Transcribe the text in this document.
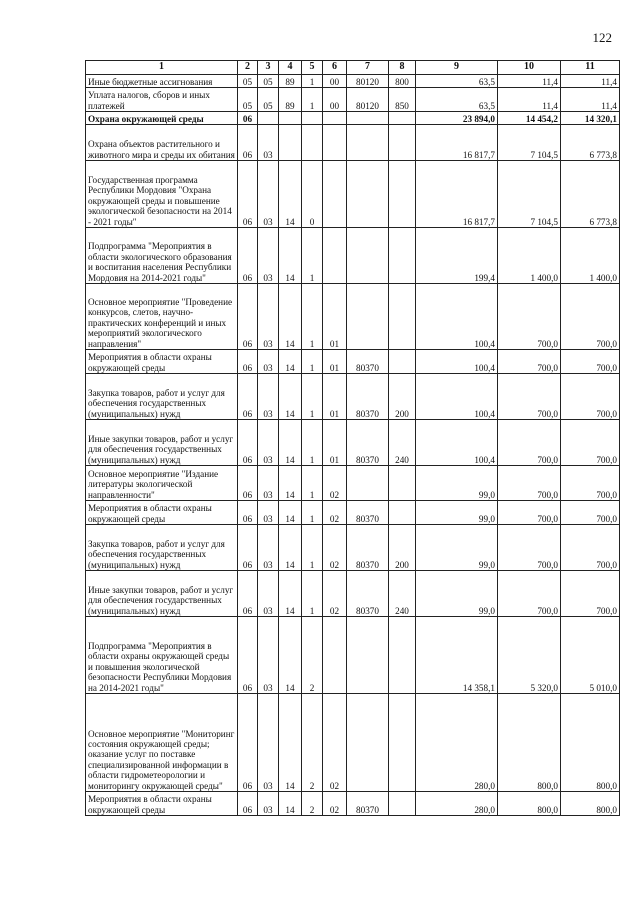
122
1	2	3	4	5	6	7	8	9	10	11
Иные бюджетные ассигнования	05	05	89	1	00	80120	800	63,5	11,4	11,4
Уплата налогов, сборов и иных платежей	05	05	89	1	00	80120	850	63,5	11,4	11,4
Охрана окружающей среды	06							23 894,0	14 454,2	14 320,1
Охрана объектов растительного и животного мира и среды их обитания	06	03						16 817,7	7 104,5	6 773,8
Государственная программа Республики Мордовия "Охрана окружающей среды и повышение экологической безопасности на 2014 - 2021 годы"	06	03	14	0				16 817,7	7 104,5	6 773,8
Подпрограмма "Мероприятия в области экологического образования и воспитания населения Республики Мордовия на 2014-2021 годы"	06	03	14	1				199,4	1 400,0	1 400,0
Основное мероприятие "Проведение конкурсов, слетов, научно-практических конференций и иных мероприятий экологического направления"	06	03	14	1	01			100,4	700,0	700,0
Мероприятия в области охраны окружающей среды	06	03	14	1	01	80370		100,4	700,0	700,0
Закупка товаров, работ и услуг для обеспечения государственных (муниципальных) нужд	06	03	14	1	01	80370	200	100,4	700,0	700,0
Иные закупки товаров, работ и услуг для обеспечения государственных (муниципальных) нужд	06	03	14	1	01	80370	240	100,4	700,0	700,0
Основное мероприятие "Издание литературы экологической направленности"	06	03	14	1	02			99,0	700,0	700,0
Мероприятия в области охраны окружающей среды	06	03	14	1	02	80370		99,0	700,0	700,0
Закупка товаров, работ и услуг для обеспечения государственных (муниципальных) нужд	06	03	14	1	02	80370	200	99,0	700,0	700,0
Иные закупки товаров, работ и услуг для обеспечения государственных (муниципальных) нужд	06	03	14	1	02	80370	240	99,0	700,0	700,0
Подпрограмма "Мероприятия в области охраны окружающей среды и повышения экологической безопасности Республики Мордовия на 2014-2021 годы"	06	03	14	2				14 358,1	5 320,0	5 010,0
Основное мероприятие "Мониторинг состояния окружающей среды; оказание услуг по поставке специализированной информации в области гидрометеорологии и мониторингу окружающей среды"	06	03	14	2	02			280,0	800,0	800,0
Мероприятия в области охраны окружающей среды	06	03	14	2	02	80370		280,0	800,0	800,0
